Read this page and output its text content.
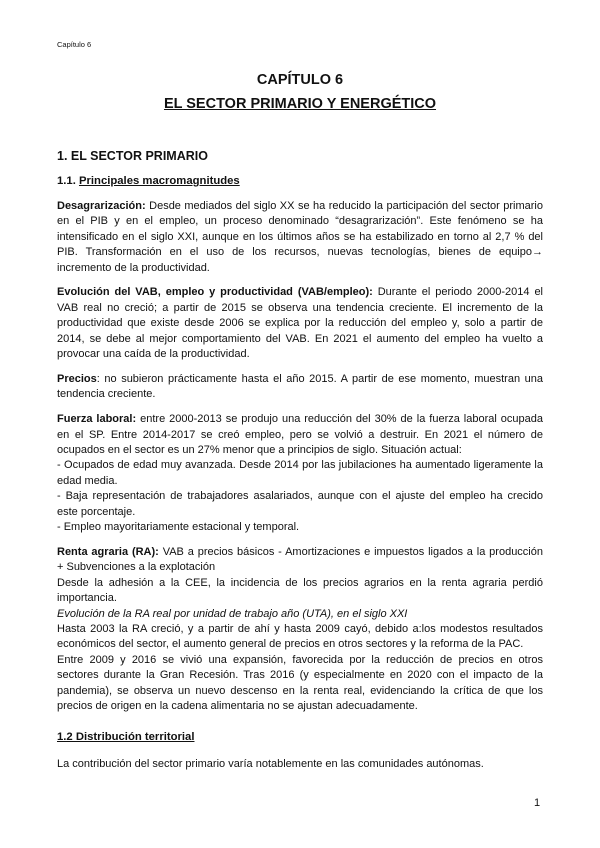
Capítulo 6
CAPÍTULO 6
EL SECTOR PRIMARIO Y ENERGÉTICO
1. EL SECTOR PRIMARIO
1.1. Principales macromagnitudes
Desagrarización: Desde mediados del siglo XX se ha reducido la participación del sector primario
en el PIB y en el empleo, un proceso denominado “desagrarización”. Este fenómeno se ha
intensificado en el siglo XXI, aunque en los últimos años se ha estabilizado en torno al 2,7 % del
PIB. Transformación en el uso de los recursos, nuevas tecnologías, bienes de equipo→
incremento de la productividad.
Evolución del VAB, empleo y productividad (VAB/empleo): Durante el periodo 2000-2014 el
VAB real no creció; a partir de 2015 se observa una tendencia creciente. El incremento de la
productividad que existe desde 2006 se explica por la reducción del empleo y, solo a partir de
2014, se debe al mejor comportamiento del VAB. En 2021 el aumento del empleo ha vuelto a
provocar una caída de la productividad.
Precios: no subieron prácticamente hasta el año 2015. A partir de ese momento, muestran una
tendencia creciente.
Fuerza laboral: entre 2000-2013 se produjo una reducción del 30% de la fuerza laboral ocupada
en el SP. Entre 2014-2017 se creó empleo, pero se volvió a destruir. En 2021 el número de
ocupados en el sector es un 27% menor que a principios de siglo. Situación actual:
- Ocupados de edad muy avanzada. Desde 2014 por las jubilaciones ha aumentado ligeramente la
edad media.
- Baja representación de trabajadores asalariados, aunque con el ajuste del empleo ha crecido
este porcentaje.
- Empleo mayoritariamente estacional y temporal.
Renta agraria (RA): VAB a precios básicos - Amortizaciones e impuestos ligados a la producción
+ Subvenciones a la explotación
Desde la adhesión a la CEE, la incidencia de los precios agrarios en la renta agraria perdió
importancia.
Evolución de la RA real por unidad de trabajo año (UTA), en el siglo XXI
Hasta 2003 la RA creció, y a partir de ahí y hasta 2009 cayó, debido a:los modestos resultados
económicos del sector, el aumento general de precios en otros sectores y la reforma de la PAC.
Entre 2009 y 2016 se vivió una expansión, favorecida por la reducción de precios en otros
sectores durante la Gran Recesión. Tras 2016 (y especialmente en 2020 con el impacto de la
pandemia), se observa un nuevo descenso en la renta real, evidenciando la crítica de que los
precios de origen en la cadena alimentaria no se ajustan adecuadamente.
1.2 Distribución territorial
La contribución del sector primario varía notablemente en las comunidades autónomas.
1
